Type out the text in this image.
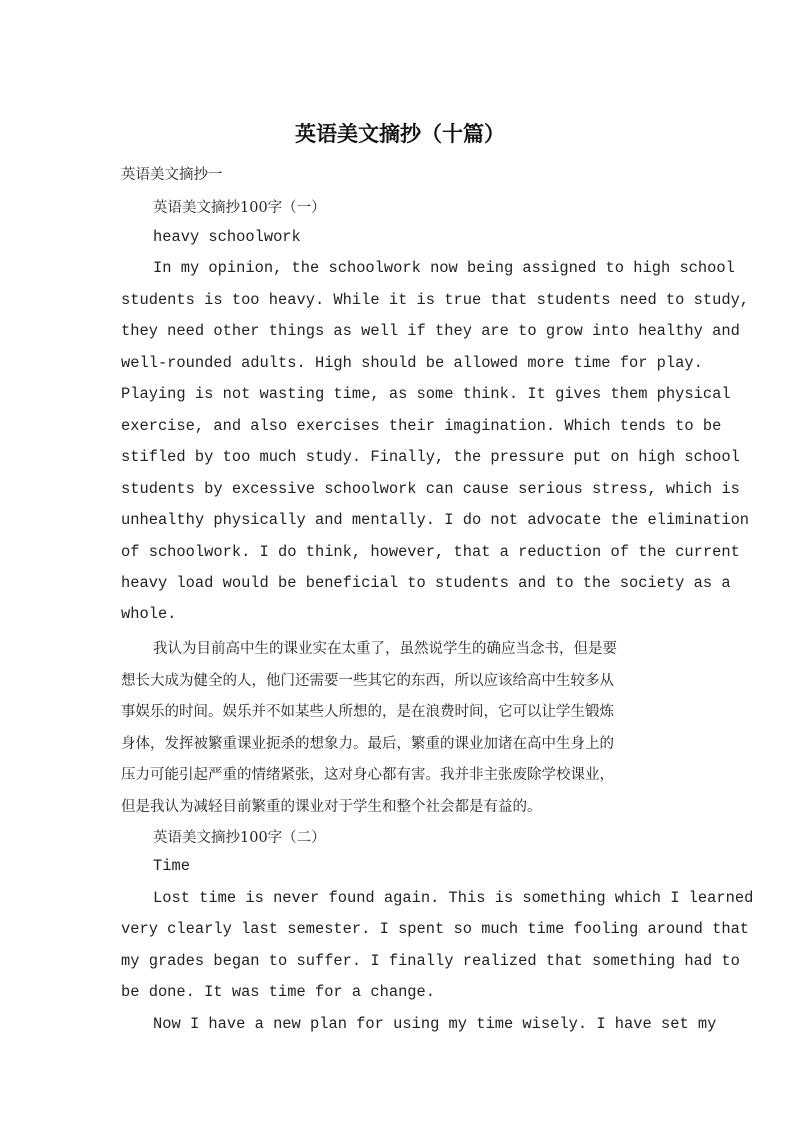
英语美文摘抄（十篇）
英语美文摘抄一
英语美文摘抄100字（一）
heavy schoolwork
In my opinion, the schoolwork now being assigned to high school
students is too heavy. While it is true that students need to study,
they need other things as well if they are to grow into healthy and
well-rounded adults. High should be allowed more time for play.
Playing is not wasting time, as some think. It gives them physical
exercise, and also exercises their imagination. Which tends to be
stifled by too much study. Finally, the pressure put on high school
students by excessive schoolwork can cause serious stress, which is
unhealthy physically and mentally. I do not advocate the elimination
of schoolwork. I do think, however, that a reduction of the current
heavy load would be beneficial to students and to the society as a
whole.
我认为目前高中生的课业实在太重了，虽然说学生的确应当念书，但是要
想长大成为健全的人，他门还需要一些其它的东西，所以应该给高中生较多从
事娱乐的时间。娱乐并不如某些人所想的，是在浪费时间，它可以让学生锻炼
身体，发挥被繁重课业扼杀的想象力。最后，繁重的课业加诸在高中生身上的
压力可能引起严重的情绪紧张，这对身心都有害。我并非主张废除学校课业，
但是我认为减轻目前繁重的课业对于学生和整个社会都是有益的。
英语美文摘抄100字（二）
Time
Lost time is never found again. This is something which I learned
very clearly last semester. I spent so much time fooling around that
my grades began to suffer. I finally realized that something had to
be done. It was time for a change.
Now I have a new plan for using my time wisely. I have set my
